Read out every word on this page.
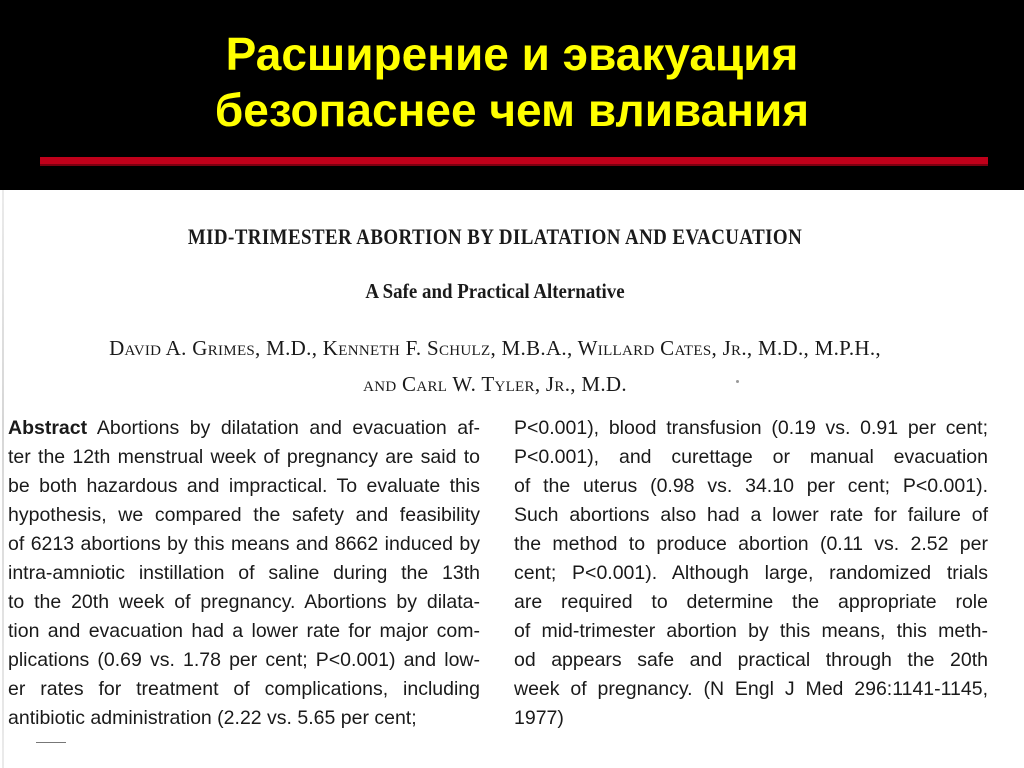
Расширение и эвакуация
безопаснее чем вливания
MID-TRIMESTER ABORTION BY DILATATION AND EVACUATION
A Safe and Practical Alternative
David A. Grimes, M.D., Kenneth F. Schulz, M.B.A., Willard Cates, Jr., M.D., M.P.H.,
and Carl W. Tyler, Jr., M.D.
Abstract Abortions by dilatation and evacuation af-
ter the 12th menstrual week of pregnancy are said to
be both hazardous and impractical. To evaluate this
hypothesis, we compared the safety and feasibility
of 6213 abortions by this means and 8662 induced by
intra-amniotic instillation of saline during the 13th
to the 20th week of pregnancy. Abortions by dilata-
tion and evacuation had a lower rate for major com-
plications (0.69 vs. 1.78 per cent; P<0.001) and low-
er rates for treatment of complications, including
antibiotic administration (2.22 vs. 5.65 per cent;
P<0.001), blood transfusion (0.19 vs. 0.91 per cent;
P<0.001), and curettage or manual evacuation
of the uterus (0.98 vs. 34.10 per cent; P<0.001).
Such abortions also had a lower rate for failure of
the method to produce abortion (0.11 vs. 2.52 per
cent; P<0.001). Although large, randomized trials
are required to determine the appropriate role
of mid-trimester abortion by this means, this meth-
od appears safe and practical through the 20th
week of pregnancy. (N Engl J Med 296:1141-1145,
1977)
